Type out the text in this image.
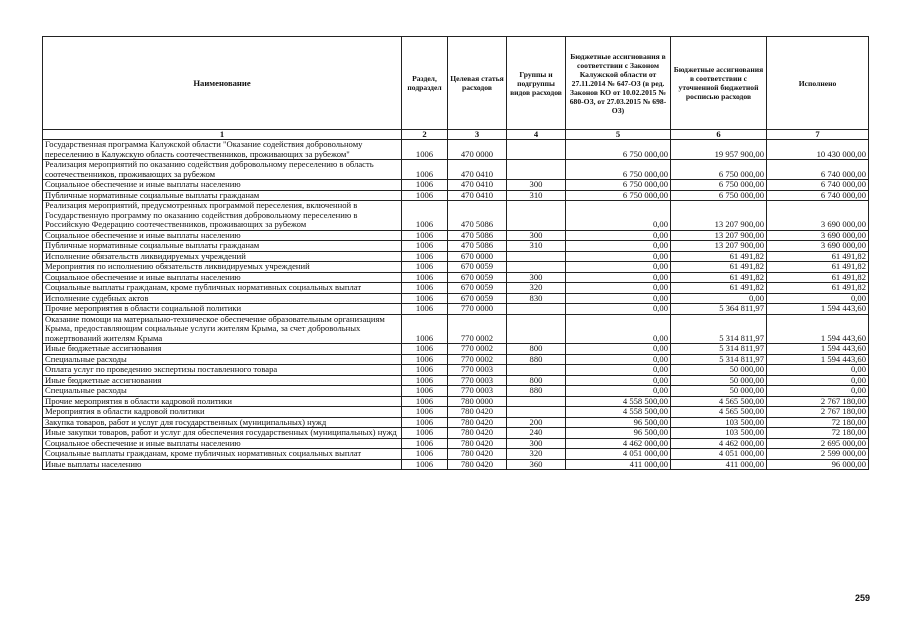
Наименование	Раздел, подраздел	Целевая статья расходов	Группы и подгруппы видов расходов	Бюджетные ассигнования в соответствии с Законом Калужской области от 27.11.2014 № 647-ОЗ (в ред. Законов КО от 10.02.2015 № 680-ОЗ, от 27.03.2015 № 698-ОЗ)	Бюджетные ассигнования в соответствии с уточненной бюджетной росписью расходов	Исполнено
1	2	3	4	5	6	7
Государственная программа Калужской области "Оказание содействия добровольному переселению в Калужскую область соотечественников, проживающих за рубежом"	1006	470 0000		6 750 000,00	19 957 900,00	10 430 000,00
Реализация мероприятий по оказанию содействия добровольному переселению в область соотечественников, проживающих за рубежом	1006	470 0410		6 750 000,00	6 750 000,00	6 740 000,00
Социальное обеспечение и иные выплаты населению	1006	470 0410	300	6 750 000,00	6 750 000,00	6 740 000,00
Публичные нормативные социальные выплаты гражданам	1006	470 0410	310	6 750 000,00	6 750 000,00	6 740 000,00
Реализация мероприятий, предусмотренных программой переселения, включенной в Государственную программу по оказанию содействия добровольному переселению в Российскую Федерацию соотечественников, проживающих за рубежом	1006	470 5086		0,00	13 207 900,00	3 690 000,00
Социальное обеспечение и иные выплаты населению	1006	470 5086	300	0,00	13 207 900,00	3 690 000,00
Публичные нормативные социальные выплаты гражданам	1006	470 5086	310	0,00	13 207 900,00	3 690 000,00
Исполнение обязательств ликвидируемых учреждений	1006	670 0000		0,00	61 491,82	61 491,82
Мероприятия по исполнению обязательств ликвидируемых учреждений	1006	670 0059		0,00	61 491,82	61 491,82
Социальное обеспечение и иные выплаты населению	1006	670 0059	300	0,00	61 491,82	61 491,82
Социальные выплаты гражданам, кроме публичных нормативных социальных выплат	1006	670 0059	320	0,00	61 491,82	61 491,82
Исполнение судебных актов	1006	670 0059	830	0,00	0,00	0,00
Прочие мероприятия в области социальной политики	1006	770 0000		0,00	5 364 811,97	1 594 443,60
Оказание помощи на материально-техническое обеспечение образовательным организациям Крыма, предоставляющим социальные услуги жителям Крыма, за счет добровольных пожертвований жителям Крыма	1006	770 0002		0,00	5 314 811,97	1 594 443,60
Иные бюджетные ассигнования	1006	770 0002	800	0,00	5 314 811,97	1 594 443,60
Специальные расходы	1006	770 0002	880	0,00	5 314 811,97	1 594 443,60
Оплата услуг по проведению экспертизы поставленного товара	1006	770 0003		0,00	50 000,00	0,00
Иные бюджетные ассигнования	1006	770 0003	800	0,00	50 000,00	0,00
Специальные расходы	1006	770 0003	880	0,00	50 000,00	0,00
Прочие мероприятия в области кадровой политики	1006	780 0000		4 558 500,00	4 565 500,00	2 767 180,00
Мероприятия в области кадровой политики	1006	780 0420		4 558 500,00	4 565 500,00	2 767 180,00
Закупка товаров, работ и услуг для государственных (муниципальных) нужд	1006	780 0420	200	96 500,00	103 500,00	72 180,00
Иные закупки товаров, работ и услуг для обеспечения государственных (муниципальных) нужд	1006	780 0420	240	96 500,00	103 500,00	72 180,00
Социальное обеспечение и иные выплаты населению	1006	780 0420	300	4 462 000,00	4 462 000,00	2 695 000,00
Социальные выплаты гражданам, кроме публичных нормативных социальных выплат	1006	780 0420	320	4 051 000,00	4 051 000,00	2 599 000,00
Иные выплаты населению	1006	780 0420	360	411 000,00	411 000,00	96 000,00
259
